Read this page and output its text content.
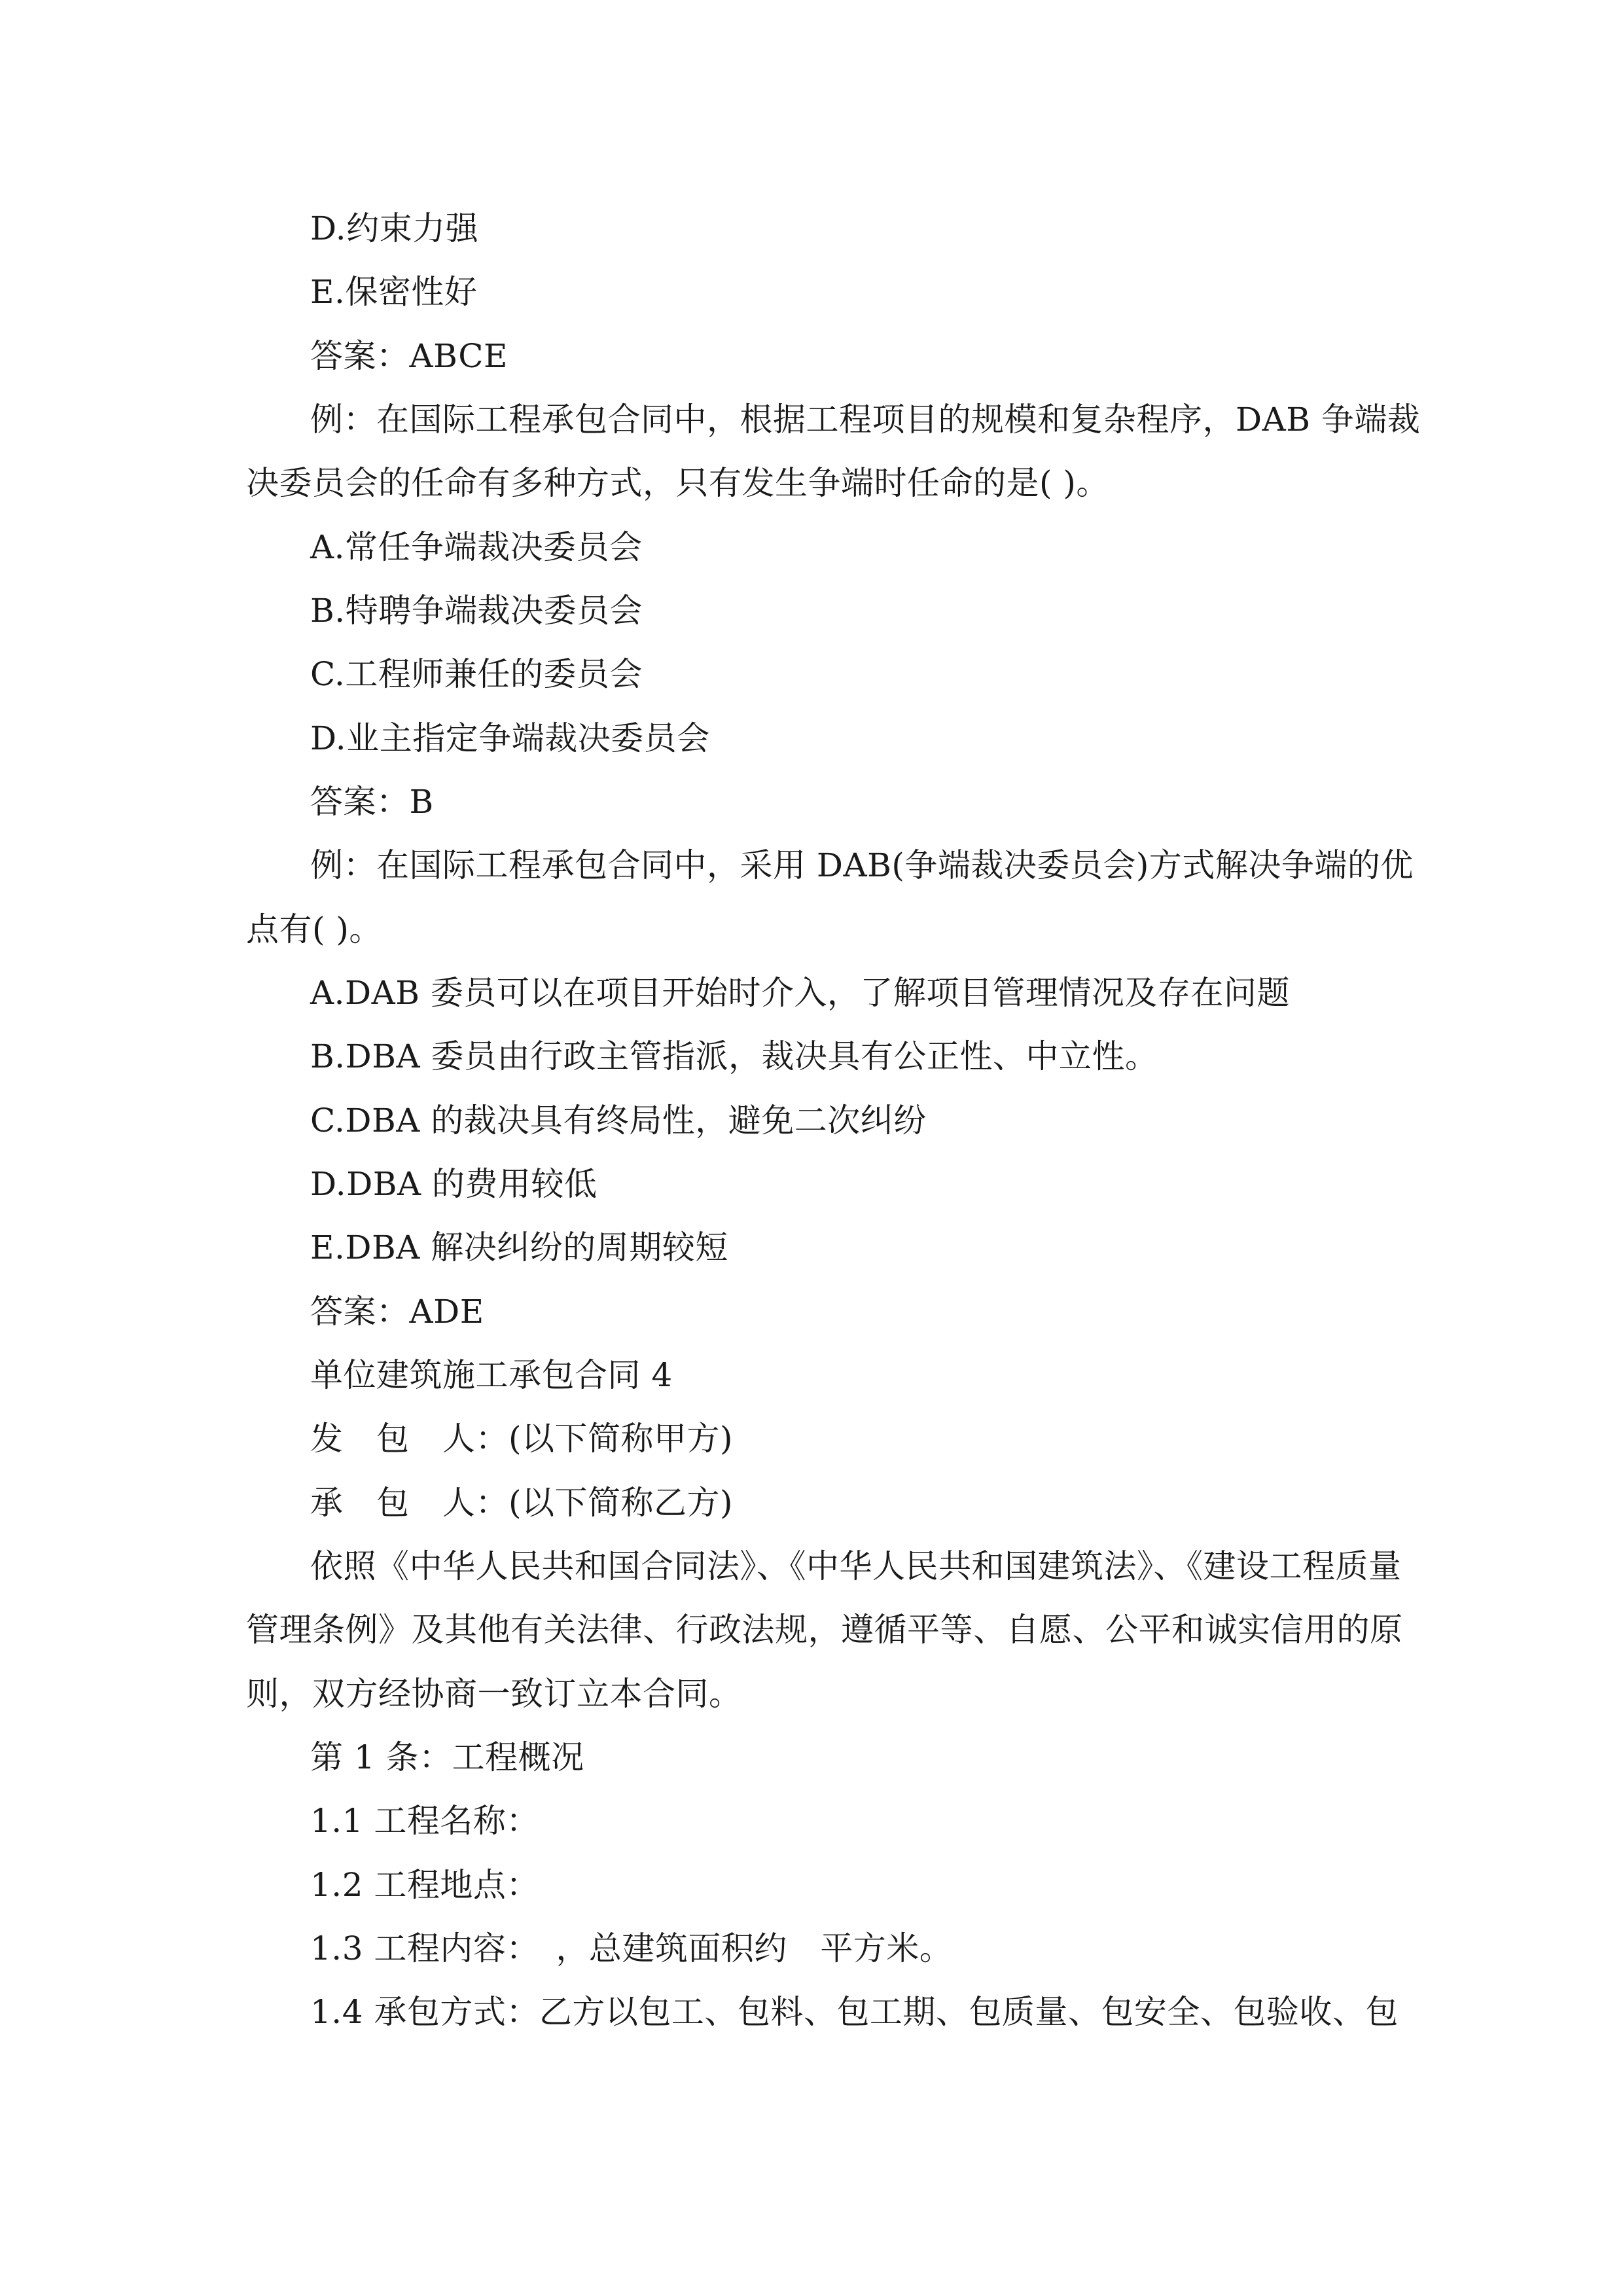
D.约束力强
E.保密性好
答案：ABCE
例：在国际工程承包合同中，根据工程项目的规模和复杂程序，DAB 争端裁
决委员会的任命有多种方式，只有发生争端时任命的是( )。
A.常任争端裁决委员会
B.特聘争端裁决委员会
C.工程师兼任的委员会
D.业主指定争端裁决委员会
答案：B
例：在国际工程承包合同中，采用 DAB(争端裁决委员会)方式解决争端的优
点有( )。
A.DAB 委员可以在项目开始时介入，了解项目管理情况及存在问题
B.DBA 委员由行政主管指派，裁决具有公正性、中立性。
C.DBA 的裁决具有终局性，避免二次纠纷
D.DBA 的费用较低
E.DBA 解决纠纷的周期较短
答案：ADE
单位建筑施工承包合同 4
发　包　人：(以下简称甲方)
承　包　人：(以下简称乙方)
依照《中华人民共和国合同法》、《中华人民共和国建筑法》、《建设工程质量
管理条例》及其他有关法律、行政法规，遵循平等、自愿、公平和诚实信用的原
则，双方经协商一致订立本合同。
第 1 条：工程概况
1.1 工程名称：
1.2 工程地点：
1.3 工程内容：　，总建筑面积约　平方米。
1.4 承包方式：乙方以包工、包料、包工期、包质量、包安全、包验收、包
